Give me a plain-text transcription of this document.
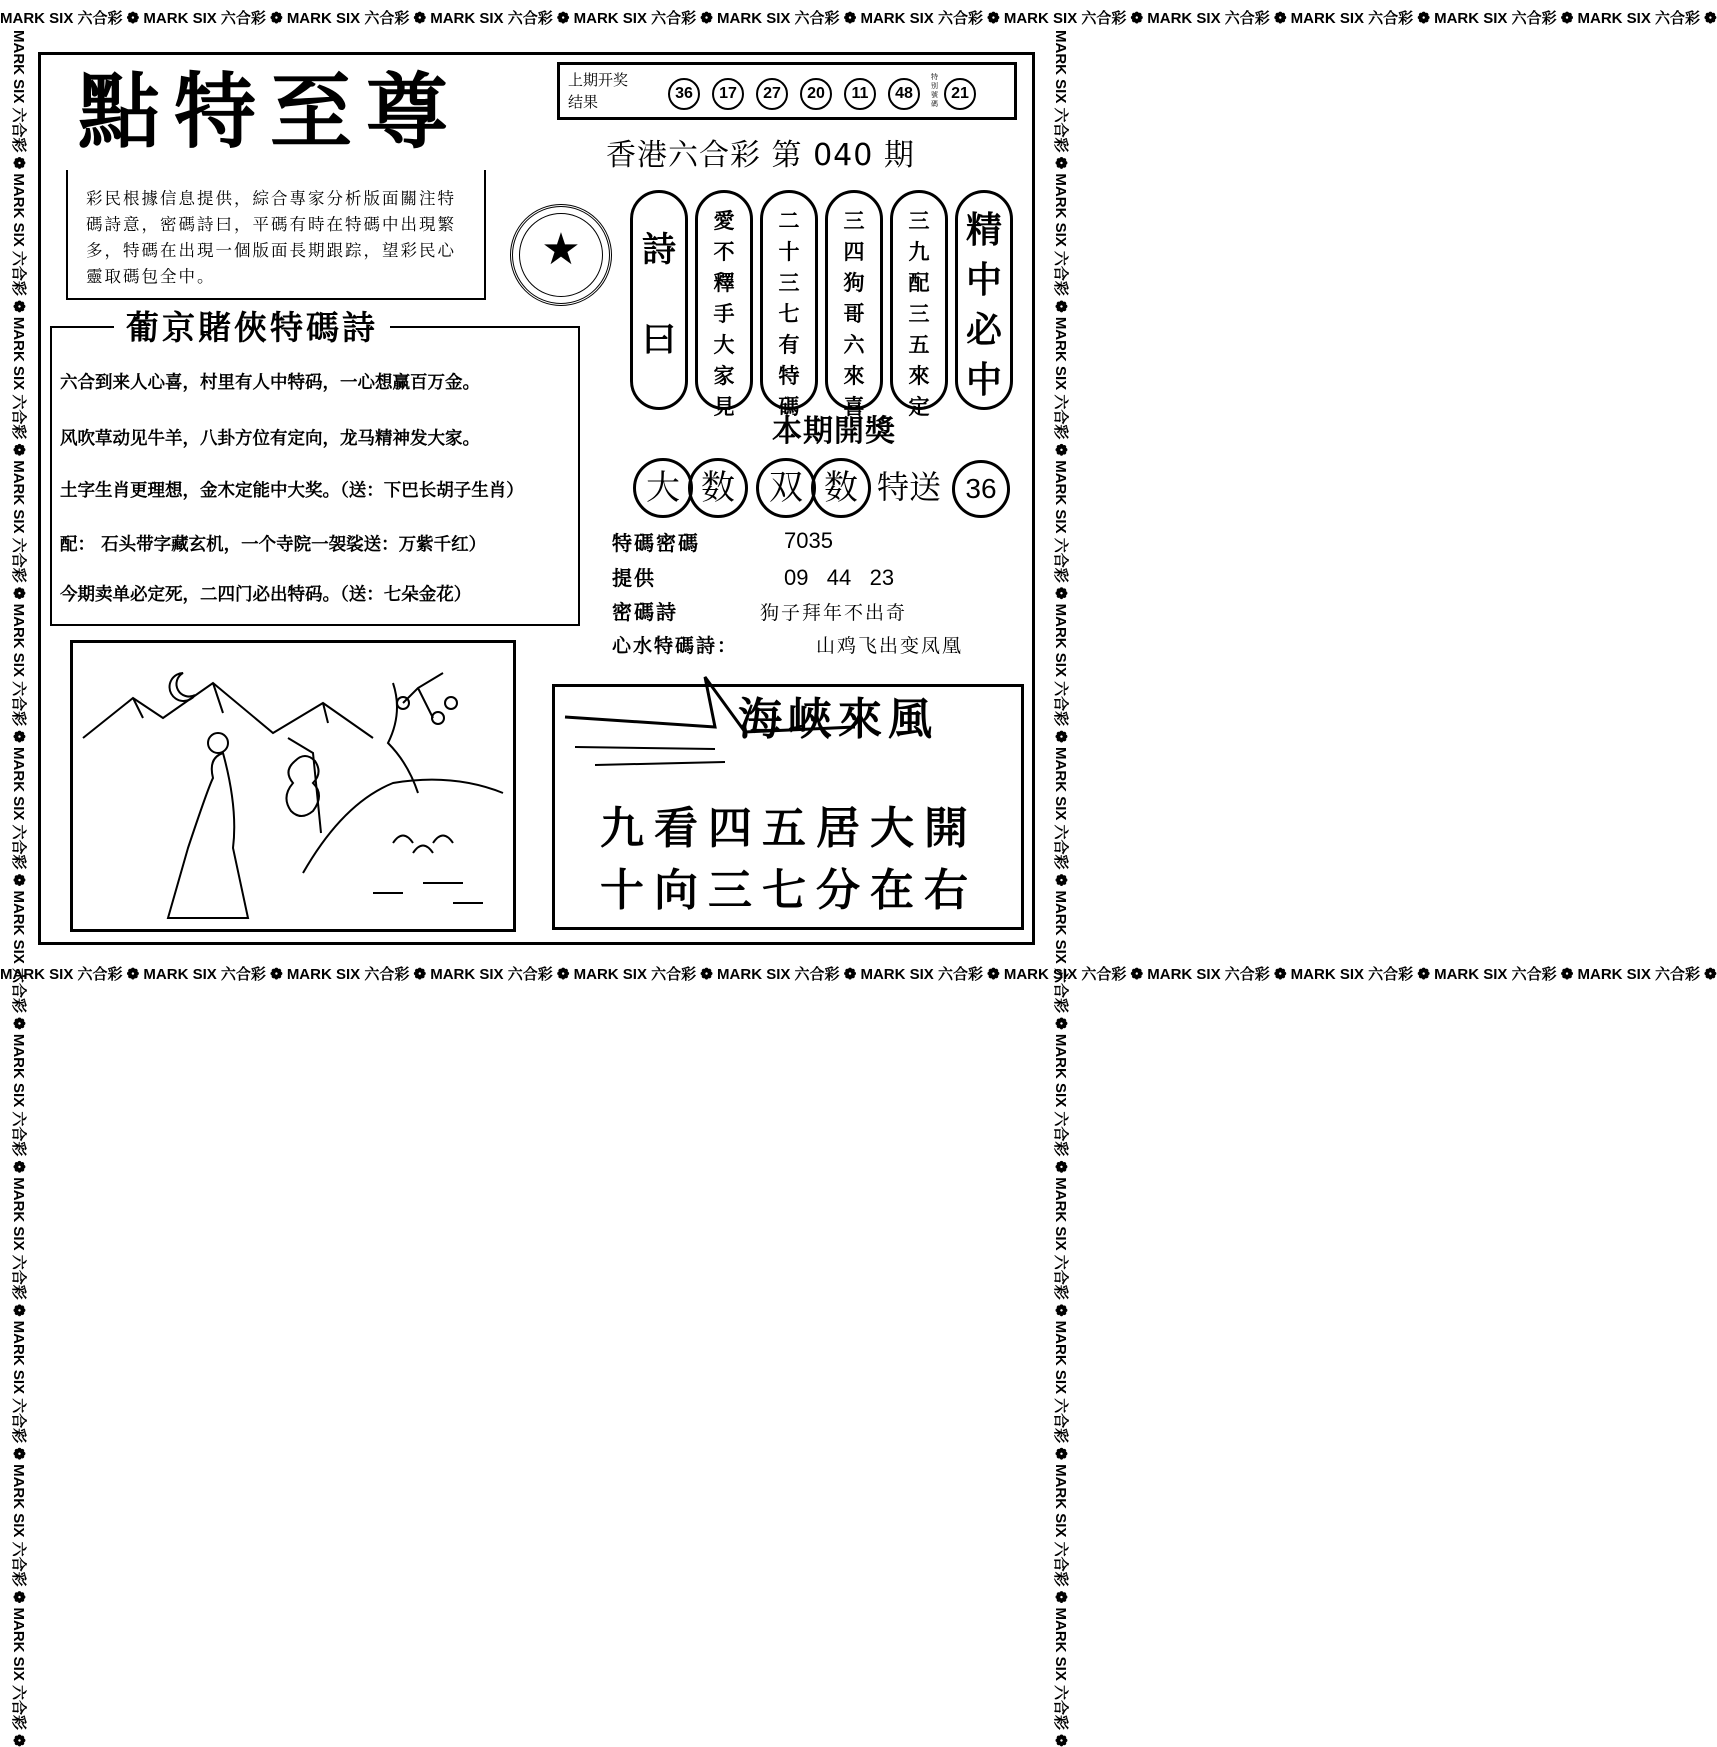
MARK SIX 六合彩 ❁ MARK SIX 六合彩 ❁ MARK SIX 六合彩 ❁ MARK SIX 六合彩 ❁ MARK SIX 六合彩 ❁ MARK SIX 六合彩 ❁ MARK SIX 六合彩 ❁ MARK SIX 六合彩 ❁ MARK SIX 六合彩 ❁ MARK SIX 六合彩 ❁ MARK SIX 六合彩 ❁ MARK SIX 六合彩 ❁
MARK SIX 六合彩 ❁ MARK SIX 六合彩 ❁ MARK SIX 六合彩 ❁ MARK SIX 六合彩 ❁ MARK SIX 六合彩 ❁ MARK SIX 六合彩 ❁ MARK SIX 六合彩 ❁ MARK SIX 六合彩 ❁ MARK SIX 六合彩 ❁ MARK SIX 六合彩 ❁ MARK SIX 六合彩 ❁ MARK SIX 六合彩 ❁
MARK SIX 六合彩 ❁ MARK SIX 六合彩 ❁ MARK SIX 六合彩 ❁ MARK SIX 六合彩 ❁ MARK SIX 六合彩 ❁ MARK SIX 六合彩 ❁ MARK SIX 六合彩 ❁ MARK SIX 六合彩 ❁ MARK SIX 六合彩 ❁ MARK SIX 六合彩 ❁ MARK SIX 六合彩 ❁ MARK SIX 六合彩 ❁	MARK SIX 六合彩 ❁ MARK SIX 六合彩 ❁ MARK SIX 六合彩 ❁ MARK SIX 六合彩 ❁ MARK SIX 六合彩 ❁ MARK SIX 六合彩 ❁ MARK SIX 六合彩 ❁ MARK SIX 六合彩 ❁ MARK SIX 六合彩 ❁ MARK SIX 六合彩 ❁ MARK SIX 六合彩 ❁ MARK SIX 六合彩 ❁
點特至尊
彩民根據信息提供，綜合專家分析版面關注特碼詩意，密碼詩曰，平碼有時在特碼中出現繁多，特碼在出現一個版面長期跟踪，望彩民心靈取碼包全中。
★
葡京賭俠特碼詩
六合到来人心喜，村里有人中特码，一心想赢百万金。
风吹草动见牛羊，八卦方位有定向，龙马精神发大家。
土字生肖更理想，金木定能中大奖。（送：下巴长胡子生肖）
配： 石头带字藏玄机，一个寺院一袈裟送：万紫千红）
今期卖单必定死，二四门必出特码。（送：七朵金花）
上期开奖结果	36	17	27	20	11	48
特别號碼
21
香港六合彩 第 040 期
詩
曰
愛
不
釋
手
大
家
見
二
十
三
七
有
特
碼
三
四
狗
哥
六
來
喜
三
九
配
三
五
來
定
精
中
必
中
本期開獎
大 数	双 数 特送 36
特碼密碼	7035
提供	09   44   23
密碼詩	狗子拜年不出奇
心水特碼詩：	山鸡飞出变凤凰
海峽來風
九看四五居大開
十向三七分在右
